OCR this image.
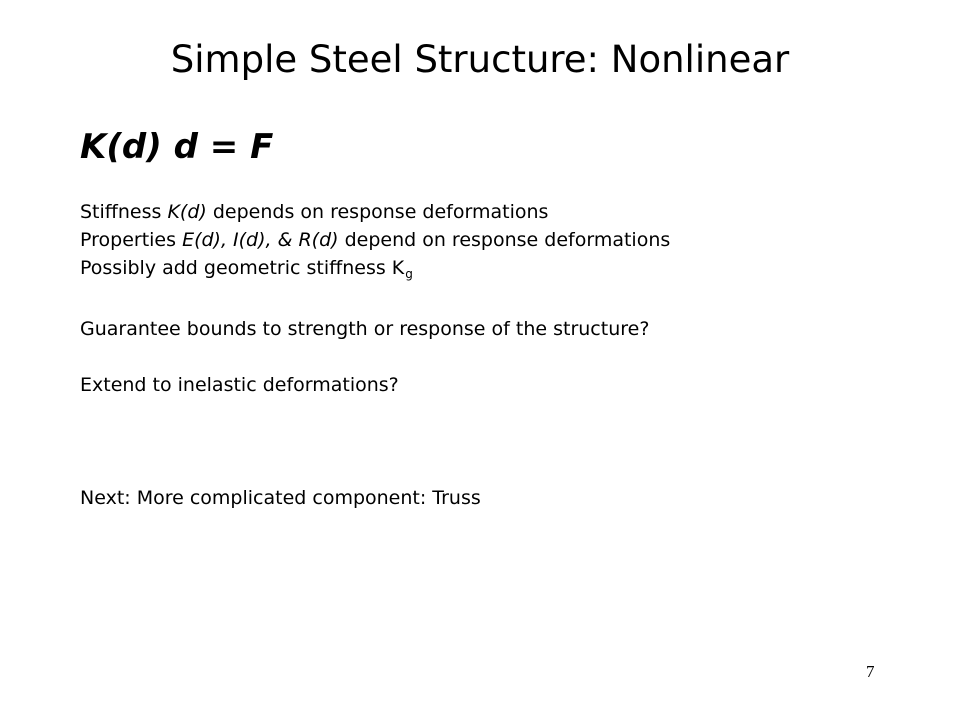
Simple Steel Structure: Nonlinear
K(d) d = F
Stiffness K(d) depends on response deformations
Properties E(d), I(d), & R(d) depend on response deformations
Possibly add geometric stiffness $K_g$
Guarantee bounds to strength or response of the structure?
Extend to inelastic deformations?
Next: More complicated component: Truss
7
